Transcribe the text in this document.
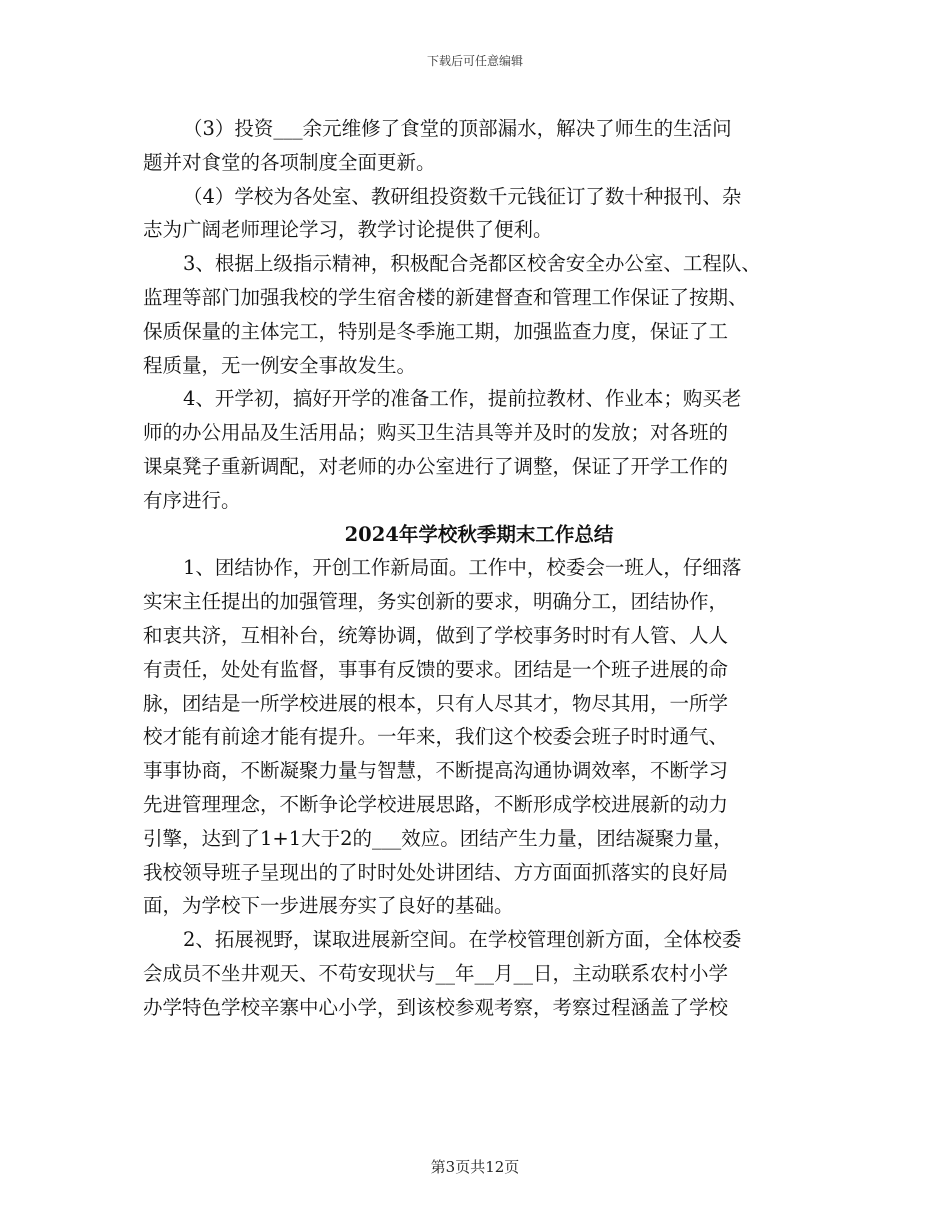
下载后可任意编辑
（3）投资___余元维修了食堂的顶部漏水，解决了师生的生活问
题并对食堂的各项制度全面更新。
（4）学校为各处室、教研组投资数千元钱征订了数十种报刊、杂
志为广阔老师理论学习，教学讨论提供了便利。
3、根据上级指示精神，积极配合尧都区校舍安全办公室、工程队、
监理等部门加强我校的学生宿舍楼的新建督查和管理工作保证了按期、
保质保量的主体完工，特别是冬季施工期，加强监查力度，保证了工
程质量，无一例安全事故发生。
4、开学初，搞好开学的准备工作，提前拉教材、作业本；购买老
师的办公用品及生活用品；购买卫生洁具等并及时的发放；对各班的
课桌凳子重新调配，对老师的办公室进行了调整，保证了开学工作的
有序进行。
2024年学校秋季期末工作总结
1、团结协作，开创工作新局面。工作中，校委会一班人，仔细落
实宋主任提出的加强管理，务实创新的要求，明确分工，团结协作，
和衷共济，互相补台，统筹协调，做到了学校事务时时有人管、人人
有责任，处处有监督，事事有反馈的要求。团结是一个班子进展的命
脉，团结是一所学校进展的根本，只有人尽其才，物尽其用，一所学
校才能有前途才能有提升。一年来，我们这个校委会班子时时通气、
事事协商，不断凝聚力量与智慧，不断提高沟通协调效率，不断学习
先进管理理念，不断争论学校进展思路，不断形成学校进展新的动力
引擎，达到了1+1大于2的___效应。团结产生力量，团结凝聚力量，
我校领导班子呈现出的了时时处处讲团结、方方面面抓落实的良好局
面，为学校下一步进展夯实了良好的基础。
2、拓展视野，谋取进展新空间。在学校管理创新方面，全体校委
会成员不坐井观天、不苟安现状与__年__月__日，主动联系农村小学
办学特色学校辛寨中心小学，到该校参观考察，考察过程涵盖了学校
第3页共12页
